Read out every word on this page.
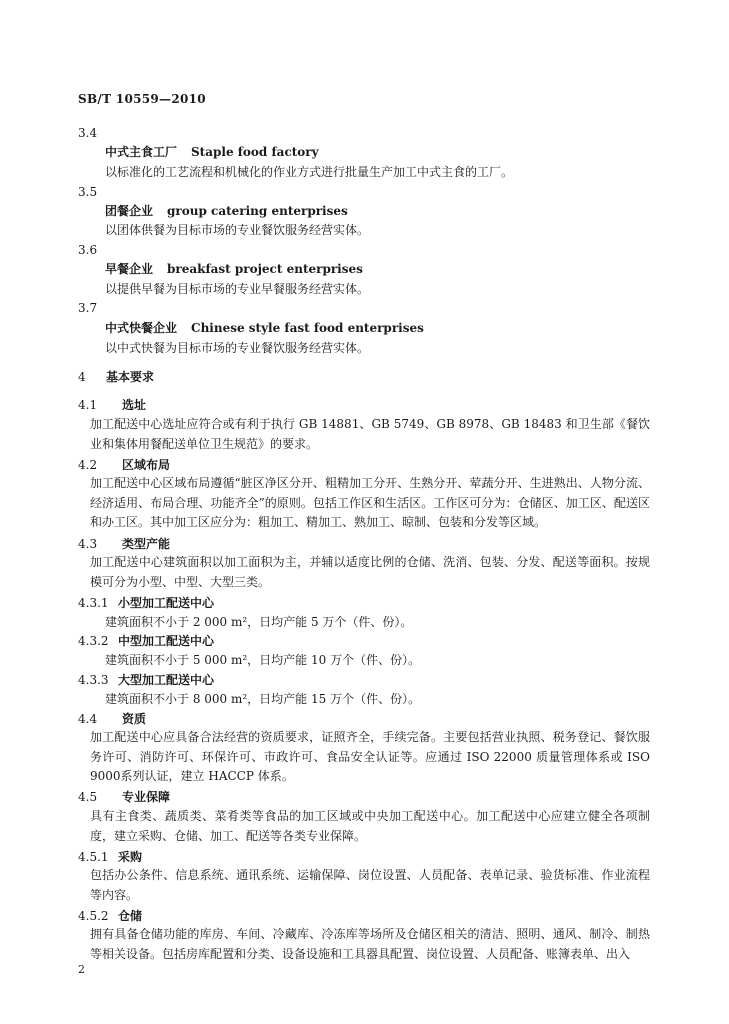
SB/T 10559—2010
3.4
中式主食工厂 Staple food factory
以标准化的工艺流程和机械化的作业方式进行批量生产加工中式主食的工厂。
3.5
团餐企业 group catering enterprises
以团体供餐为目标市场的专业餐饮服务经营实体。
3.6
早餐企业 breakfast project enterprises
以提供早餐为目标市场的专业早餐服务经营实体。
3.7
中式快餐企业 Chinese style fast food enterprises
以中式快餐为目标市场的专业餐饮服务经营实体。
4 基本要求
4.1 选址
加工配送中心选址应符合或有利于执行 GB 14881、GB 5749、GB 8978、GB 18483 和卫生部《餐饮业和集体用餐配送单位卫生规范》的要求。
4.2 区域布局
加工配送中心区域布局遵循“脏区净区分开、粗精加工分开、生熟分开、荤蔬分开、生进熟出、人物分流、经济适用、布局合理、功能齐全”的原则。包括工作区和生活区。工作区可分为：仓储区、加工区、配送区和办工区。其中加工区应分为：粗加工、精加工、熟加工、晾制、包装和分发等区域。
4.3 类型产能
加工配送中心建筑面积以加工面积为主，并辅以适度比例的仓储、洗消、包装、分发、配送等面积。按规模可分为小型、中型、大型三类。
4.3.1 小型加工配送中心
建筑面积不小于 2 000 m²，日均产能 5 万个（件、份）。
4.3.2 中型加工配送中心
建筑面积不小于 5 000 m²，日均产能 10 万个（件、份）。
4.3.3 大型加工配送中心
建筑面积不小于 8 000 m²，日均产能 15 万个（件、份）。
4.4 资质
加工配送中心应具备合法经营的资质要求，证照齐全，手续完备。主要包括营业执照、税务登记、餐饮服务许可、消防许可、环保许可、市政许可、食品安全认证等。应通过 ISO 22000 质量管理体系或 ISO 9000系列认证，建立 HACCP 体系。
4.5 专业保障
具有主食类、蔬质类、菜肴类等食品的加工区域或中央加工配送中心。加工配送中心应建立健全各项制度，建立采购、仓储、加工、配送等各类专业保障。
4.5.1 采购
包括办公条件、信息系统、通讯系统、运输保障、岗位设置、人员配备、表单记录、验货标准、作业流程等内容。
4.5.2 仓储
拥有具备仓储功能的库房、车间、冷藏库、冷冻库等场所及仓储区相关的清洁、照明、通风、制冷、制热等相关设备。包括房库配置和分类、设备设施和工具器具配置、岗位设置、人员配备、账簿表单、出入
2
